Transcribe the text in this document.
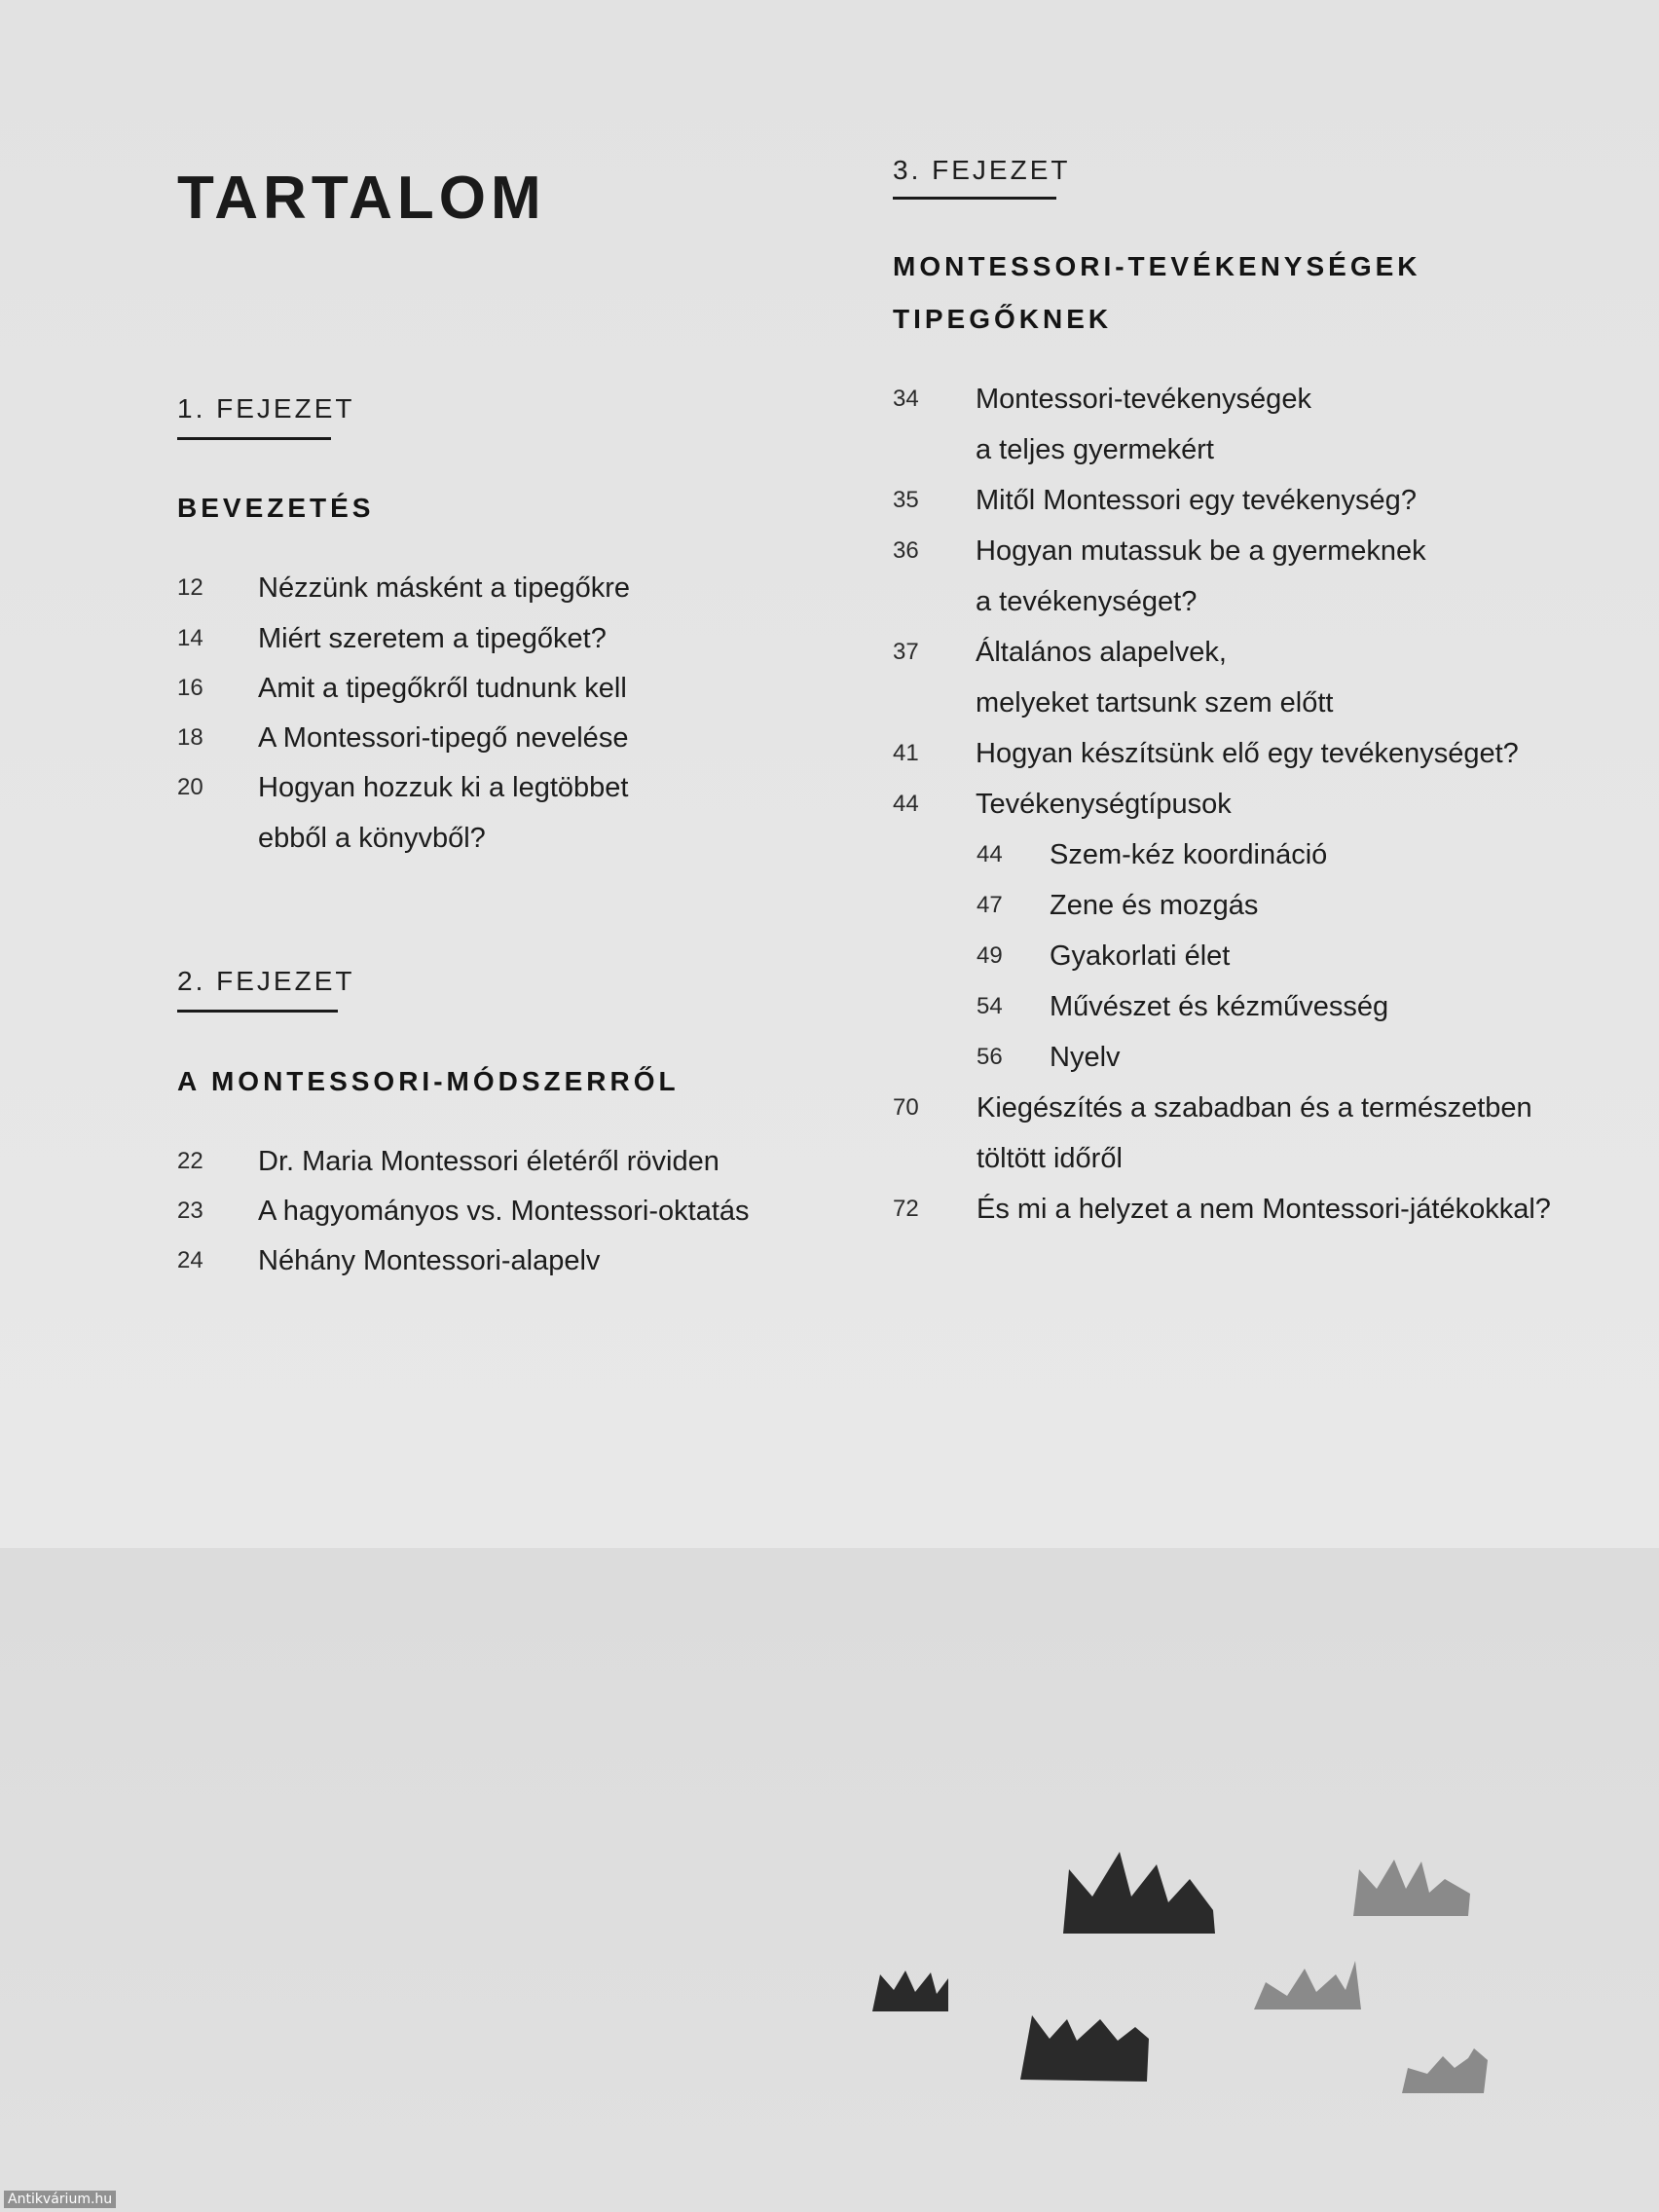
TARTALOM
1. FEJEZET
BEVEZETÉS
12 Nézzünk másként a tipegőkre
14 Miért szeretem a tipegőket?
16 Amit a tipegőkről tudnunk kell
18 A Montessori-tipegő nevelése
20 Hogyan hozzuk ki a legtöbbet
ebből a könyvből?
2. FEJEZET
A MONTESSORI-MÓDSZERRŐL
22 Dr. Maria Montessori életéről röviden
23 A hagyományos vs. Montessori-oktatás
24 Néhány Montessori-alapelv
3. FEJEZET
MONTESSORI-TEVÉKENYSÉGEK
TIPEGŐKNEK
34 Montessori-tevékenységek
a teljes gyermekért
35 Mitől Montessori egy tevékenység?
36 Hogyan mutassuk be a gyermeknek
a tevékenységet?
37 Általános alapelvek,
melyeket tartsunk szem előtt
41 Hogyan készítsünk elő egy tevékenységet?
44 Tevékenységtípusok
44 Szem-kéz koordináció
47 Zene és mozgás
49 Gyakorlati élet
54 Művészet és kézművesség
56 Nyelv
70 Kiegészítés a szabadban és a természetben
töltött időről
72 És mi a helyzet a nem Montessori-játékokkal?
Antikvárium.hu
